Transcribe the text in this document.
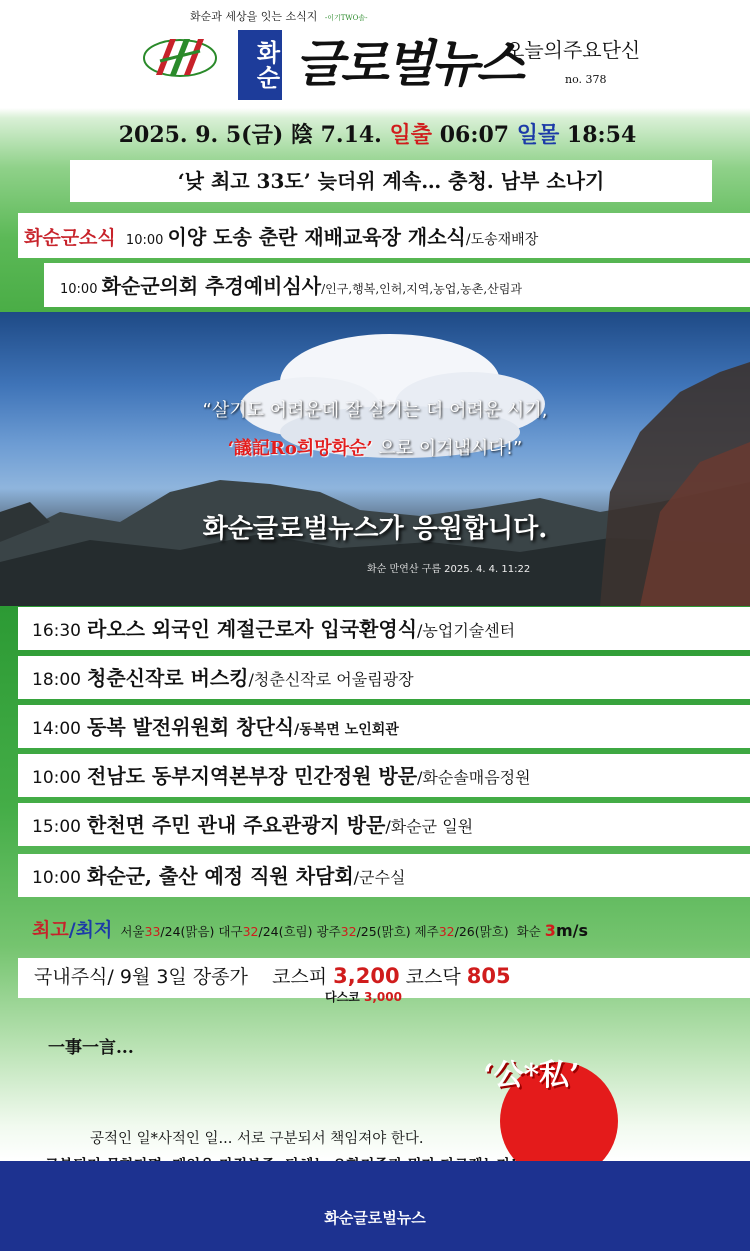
화순과 세상을 잇는 소식지 -이기TWO솔-
화순 글로벌뉴스
오늘의주요단신
no. 378
2025. 9. 5(금) 陰 7.14. 일출 06:07 일몰 18:54
‘낮 최고 33도’ 늦더위 계속… 충청. 남부 소나기
화순군소식 10:00 이양 도송 춘란 재배교육장 개소식/도송재배장
10:00 화순군의회 추경예비심사/인구,행복,인허,지역,농업,농촌,산림과
“살기도 어려운데 잘 살기는 더 어려운 시기,
‘議記Ro희망화순’ 으로 이겨냅시다!”
화순글로벌뉴스가 응원합니다.
화순 만연산 구름 2025. 4. 4. 11:22
16:30 라오스 외국인 계절근로자 입국환영식/농업기술센터
18:00 청춘신작로 버스킹/청춘신작로 어울림광장
14:00 동복 발전위원회 창단식/동복면 노인회관
10:00 전남도 동부지역본부장 민간정원 방문/화순솔매음정원
15:00 한천면 주민 관내 주요관광지 방문/화순군 일원
10:00 화순군, 출산 예정 직원 차담회/군수실
최고/최저 서울33/24(맑음) 대구32/24(흐림) 광주32/25(맑흐) 제주32/26(맑흐) 화순 3m/s
국내주식/ 9월 3일 장종가 코스피 3,200 코스닥 805
다스코 3,000
一事一言...
‘公*私’
공적인 일*사적인 일... 서로 구분되서 책임져야 한다.
화순글로벌뉴스
